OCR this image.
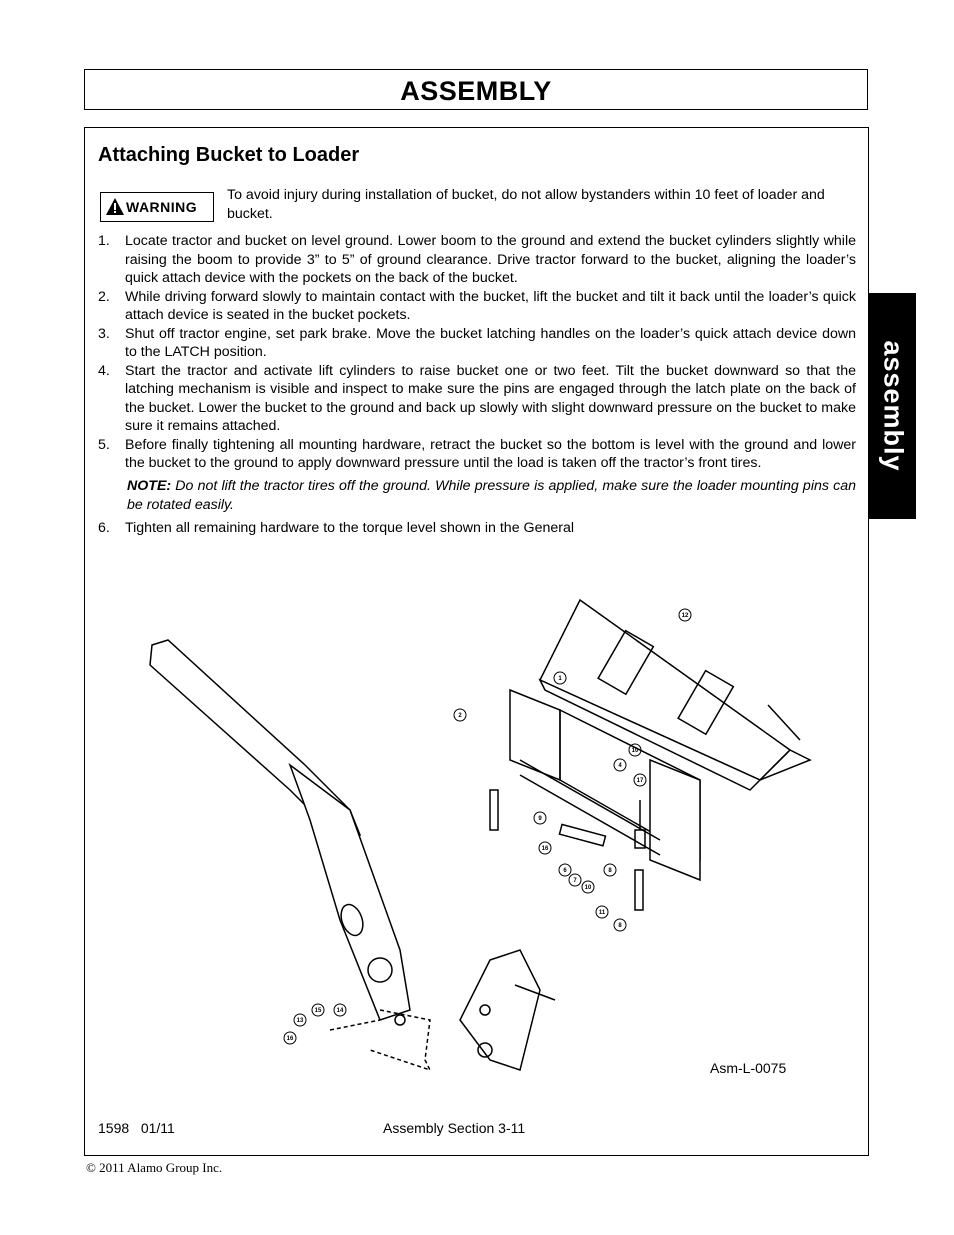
ASSEMBLY
assembly
Attaching Bucket to Loader
WARNING
To avoid injury during installation of bucket, do not allow bystanders within 10 feet of loader and bucket.
1. Locate tractor and bucket on level ground. Lower boom to the ground and extend the bucket cylinders slightly while raising the boom to provide 3” to 5” of ground clearance. Drive tractor forward to the bucket, aligning the loader’s quick attach device with the pockets on the back of the bucket.
2. While driving forward slowly to maintain contact with the bucket, lift the bucket and tilt it back until the loader’s quick attach device is seated in the bucket pockets.
3. Shut off tractor engine, set park brake. Move the bucket latching handles on the loader’s quick attach device down to the LATCH position.
4. Start the tractor and activate lift cylinders to raise bucket one or two feet. Tilt the bucket downward so that the latching mechanism is visible and inspect to make sure the pins are engaged through the latch plate on the back of the bucket. Lower the bucket to the ground and back up slowly with slight downward pressure on the bucket to make sure it remains attached.
5. Before finally tightening all mounting hardware, retract the bucket so the bottom is level with the ground and lower the bucket to the ground to apply downward pressure until the load is taken off the tractor’s front tires.
NOTE: Do not lift the tractor tires off the ground. While pressure is applied, make sure the loader mounting pins can be rotated easily.
6. Tighten all remaining hardware to the torque level shown in the General
12
1
2
10
4
17
9
16
8
6
7
10
11
8
15	14
13
16
Asm-L-0075
1598   01/11	Assembly Section 3-11
© 2011 Alamo Group Inc.
